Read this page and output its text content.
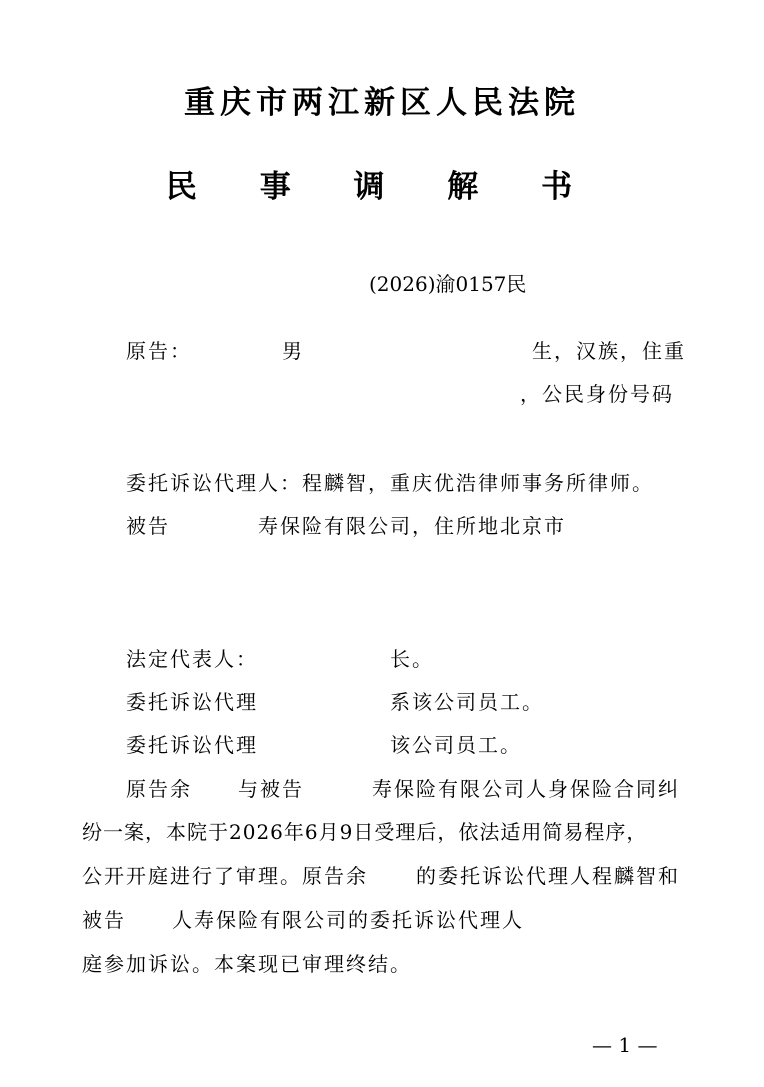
重庆市两江新区人民法院
民 事 调 解 书
(2026)渝0157民
原告：	男	生，汉族，住重
，公民身份号码
委托诉讼代理人：程麟智，重庆优浩律师事务所律师。
被告	寿保险有限公司，住所地北京市
法定代表人：	长。
委托诉讼代理	系该公司员工。
委托诉讼代理	该公司员工。
原告余 与被告	寿保险有限公司人身保险合同纠
纷一案，本院于2026年6月9日受理后，依法适用简易程序，
公开开庭进行了审理。原告余 的委托诉讼代理人程麟智和
被告 人寿保险有限公司的委托诉讼代理人
庭参加诉讼。本案现已审理终结。
— 1 —
